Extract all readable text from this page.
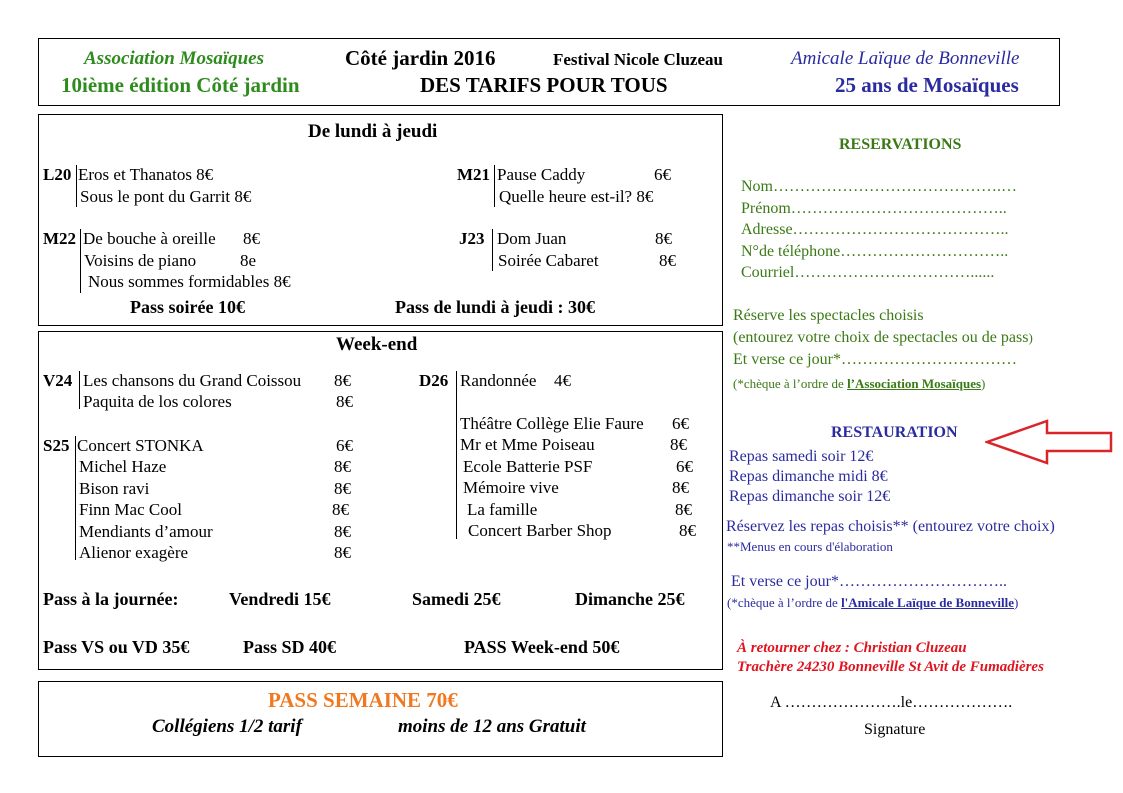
Association Mosaïques	Côté jardin 2016	Festival Nicole Cluzeau	Amicale Laïque de Bonneville
10ième édition Côté jardin	DES TARIFS POUR TOUS	25 ans de Mosaïques
De lundi à jeudi
L20 Eros et Thanatos 8€
Sous le pont du Garrit 8€
M21 Pause Caddy	6€
Quelle heure est-il? 8€
M22 De bouche à oreille 8€
Voisins de piano	8e
Nous sommes formidables 8€
J23 Dom Juan	8€
Soirée Cabaret	8€
Pass soirée 10€	Pass de lundi à jeudi : 30€
Week-end
V24 Les chansons du Grand Coissou 8€
Paquita de los colores	8€
D26 Randonnée 4€
Théâtre Collège Elie Faure 6€
Mr et Mme Poiseau	8€
Ecole Batterie PSF	6€
Mémoire vive	8€
La famille	8€
Concert Barber Shop	8€
S25 Concert STONKA	6€
Michel Haze	8€
Bison ravi	8€
Finn Mac Cool	8€
Mendiants d’amour	8€
Alienor exagère	8€
Pass à la journée:	Vendredi 15€	Samedi 25€	Dimanche 25€
Pass VS ou VD 35€	Pass SD 40€	PASS Week-end 50€
PASS SEMAINE 70€
Collégiens 1/2 tarif	moins de 12 ans Gratuit
RESERVATIONS
Nom…………………………………….…
Prénom…………………………………..
Adresse…………………………………..
N°de téléphone…………………………..
Courriel……………………………......
Réserve les spectacles choisis
(entourez votre choix de spectacles ou de pass)
Et verse ce jour*……………………………
(*chèque à l’ordre de l’Association Mosaïques)
RESTAURATION
Repas samedi soir 12€
Repas dimanche midi 8€
Repas dimanche soir 12€
Réservez les repas choisis** (entourez votre choix)
**Menus en cours d'élaboration
Et verse ce jour*…………………………..
(*chèque à l’ordre de l'Amicale Laïque de Bonneville)
À retourner chez : Christian Cluzeau
Trachère 24230 Bonneville St Avit de Fumadières
A ………………….le……………….
Signature
